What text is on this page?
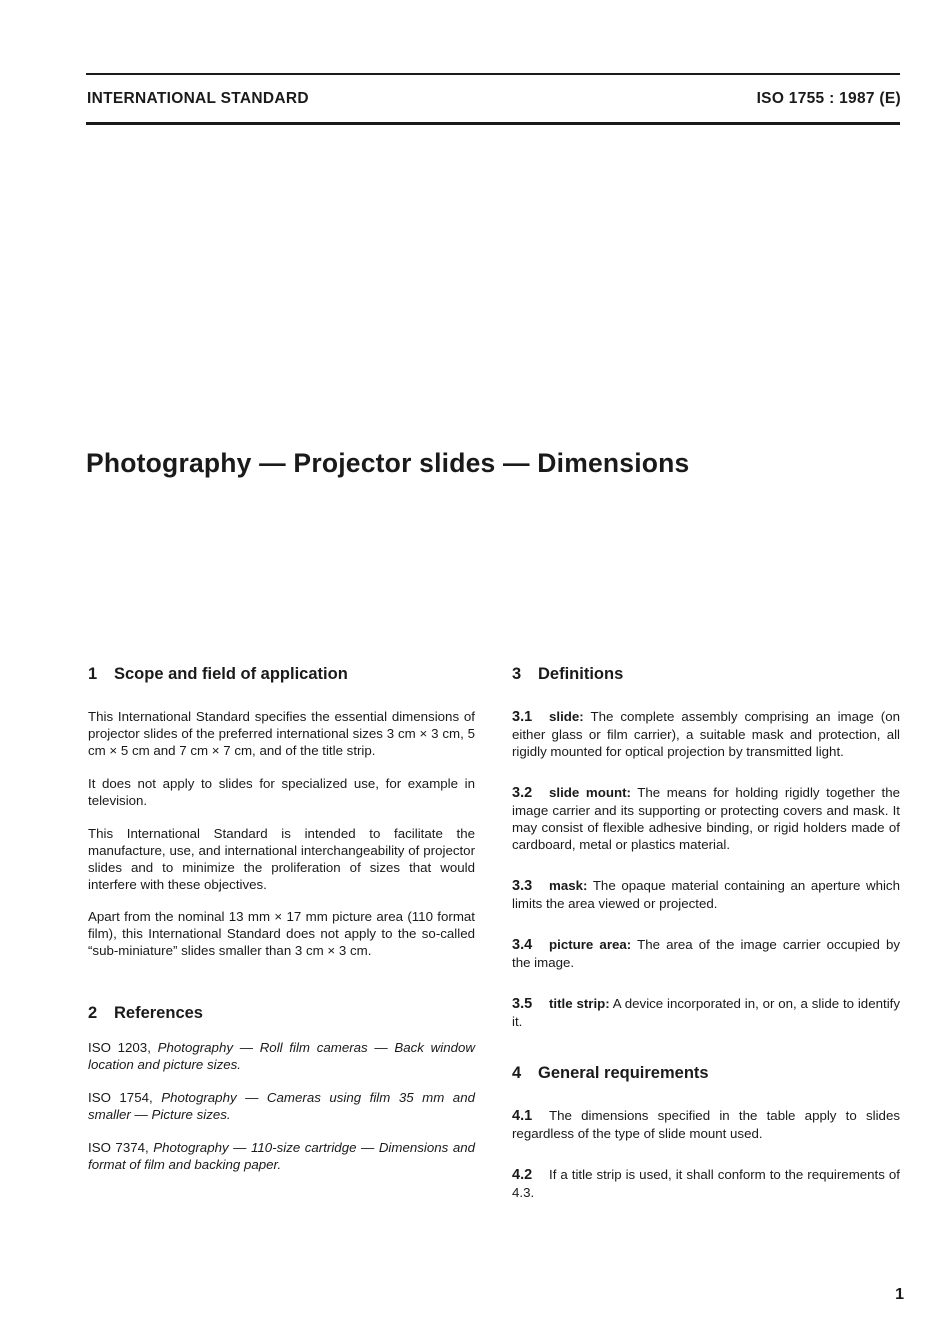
INTERNATIONAL STANDARD	ISO 1755 : 1987 (E)
Photography — Projector slides — Dimensions
1 Scope and field of application

This International Standard specifies the essential dimensions of projector slides of the preferred international sizes 3 cm × 3 cm, 5 cm × 5 cm and 7 cm × 7 cm, and of the title strip.

It does not apply to slides for specialized use, for example in television.

This International Standard is intended to facilitate the manufacture, use, and international interchangeability of projector slides and to minimize the proliferation of sizes that would interfere with these objectives.

Apart from the nominal 13 mm × 17 mm picture area (110 format film), this International Standard does not apply to the so-called “sub-miniature” slides smaller than 3 cm × 3 cm.

2 References

ISO 1203, Photography — Roll film cameras — Back window location and picture sizes.

ISO 1754, Photography — Cameras using film 35 mm and smaller — Picture sizes.

ISO 7374, Photography — 110-size cartridge — Dimensions and format of film and backing paper.

3 Definitions

3.1 slide: The complete assembly comprising an image (on either glass or film carrier), a suitable mask and protection, all rigidly mounted for optical projection by transmitted light.

3.2 slide mount: The means for holding rigidly together the image carrier and its supporting or protecting covers and mask. It may consist of flexible adhesive binding, or rigid holders made of cardboard, metal or plastics material.

3.3 mask: The opaque material containing an aperture which limits the area viewed or projected.

3.4 picture area: The area of the image carrier occupied by the image.

3.5 title strip: A device incorporated in, or on, a slide to identify it.

4 General requirements

4.1 The dimensions specified in the table apply to slides regardless of the type of slide mount used.

4.2 If a title strip is used, it shall conform to the requirements of 4.3.

1
